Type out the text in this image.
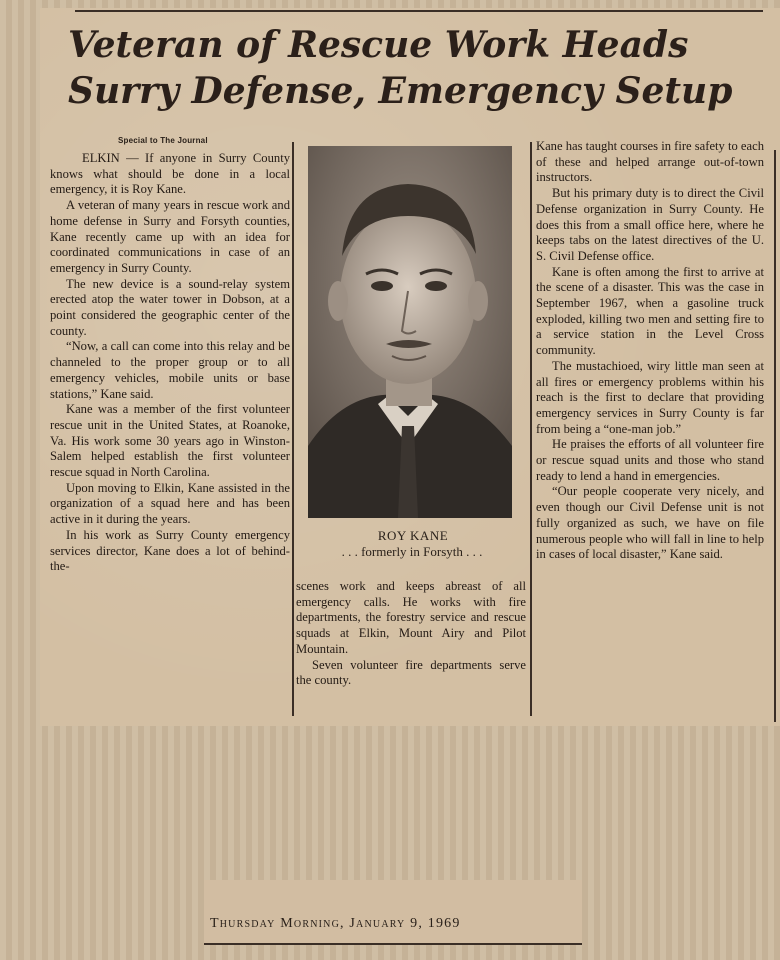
Veteran of Rescue Work Heads
Surry Defense, Emergency Setup
Special to The Journal

ELKIN — If anyone in Surry County knows what should be done in a local emergency, it is Roy Kane.

A veteran of many years in rescue work and home defense in Surry and Forsyth counties, Kane recently came up with an idea for coordinated communications in case of an emergency in Surry County.

The new device is a sound-relay system erected atop the water tower in Dobson, at a point considered the geographic center of the county.

“Now, a call can come into this relay and be channeled to the proper group or to all emergency vehicles, mobile units or base stations,” Kane said.

Kane was a member of the first volunteer rescue unit in the United States, at Roanoke, Va. His work some 30 years ago in Winston-Salem helped establish the first volunteer rescue squad in North Carolina.

Upon moving to Elkin, Kane assisted in the organization of a squad here and has been active in it during the years.

In his work as Surry County emergency services director, Kane does a lot of behind-the-

ROY KANE
. . . formerly in Forsyth . . .

scenes work and keeps abreast of all emergency calls. He works with fire departments, the forestry service and rescue squads at Elkin, Mount Airy and Pilot Mountain.

Seven volunteer fire departments serve the county.

Kane has taught courses in fire safety to each of these and helped arrange out-of-town instructors.

But his primary duty is to direct the Civil Defense organization in Surry County. He does this from a small office here, where he keeps tabs on the latest directives of the U. S. Civil Defense office.

Kane is often among the first to arrive at the scene of a disaster. This was the case in September 1967, when a gasoline truck exploded, killing two men and setting fire to a service station in the Level Cross community.

The mustachioed, wiry little man seen at all fires or emergency problems within his reach is the first to declare that providing emergency services in Surry County is far from being a “one-man job.”

He praises the efforts of all volunteer fire or rescue squad units and those who stand ready to lend a hand in emergencies.

“Our people cooperate very nicely, and even though our Civil Defense unit is not fully organized as such, we have on file numerous people who will fall in line to help in cases of local disaster,” Kane said.

Thursday Morning, January 9, 1969
